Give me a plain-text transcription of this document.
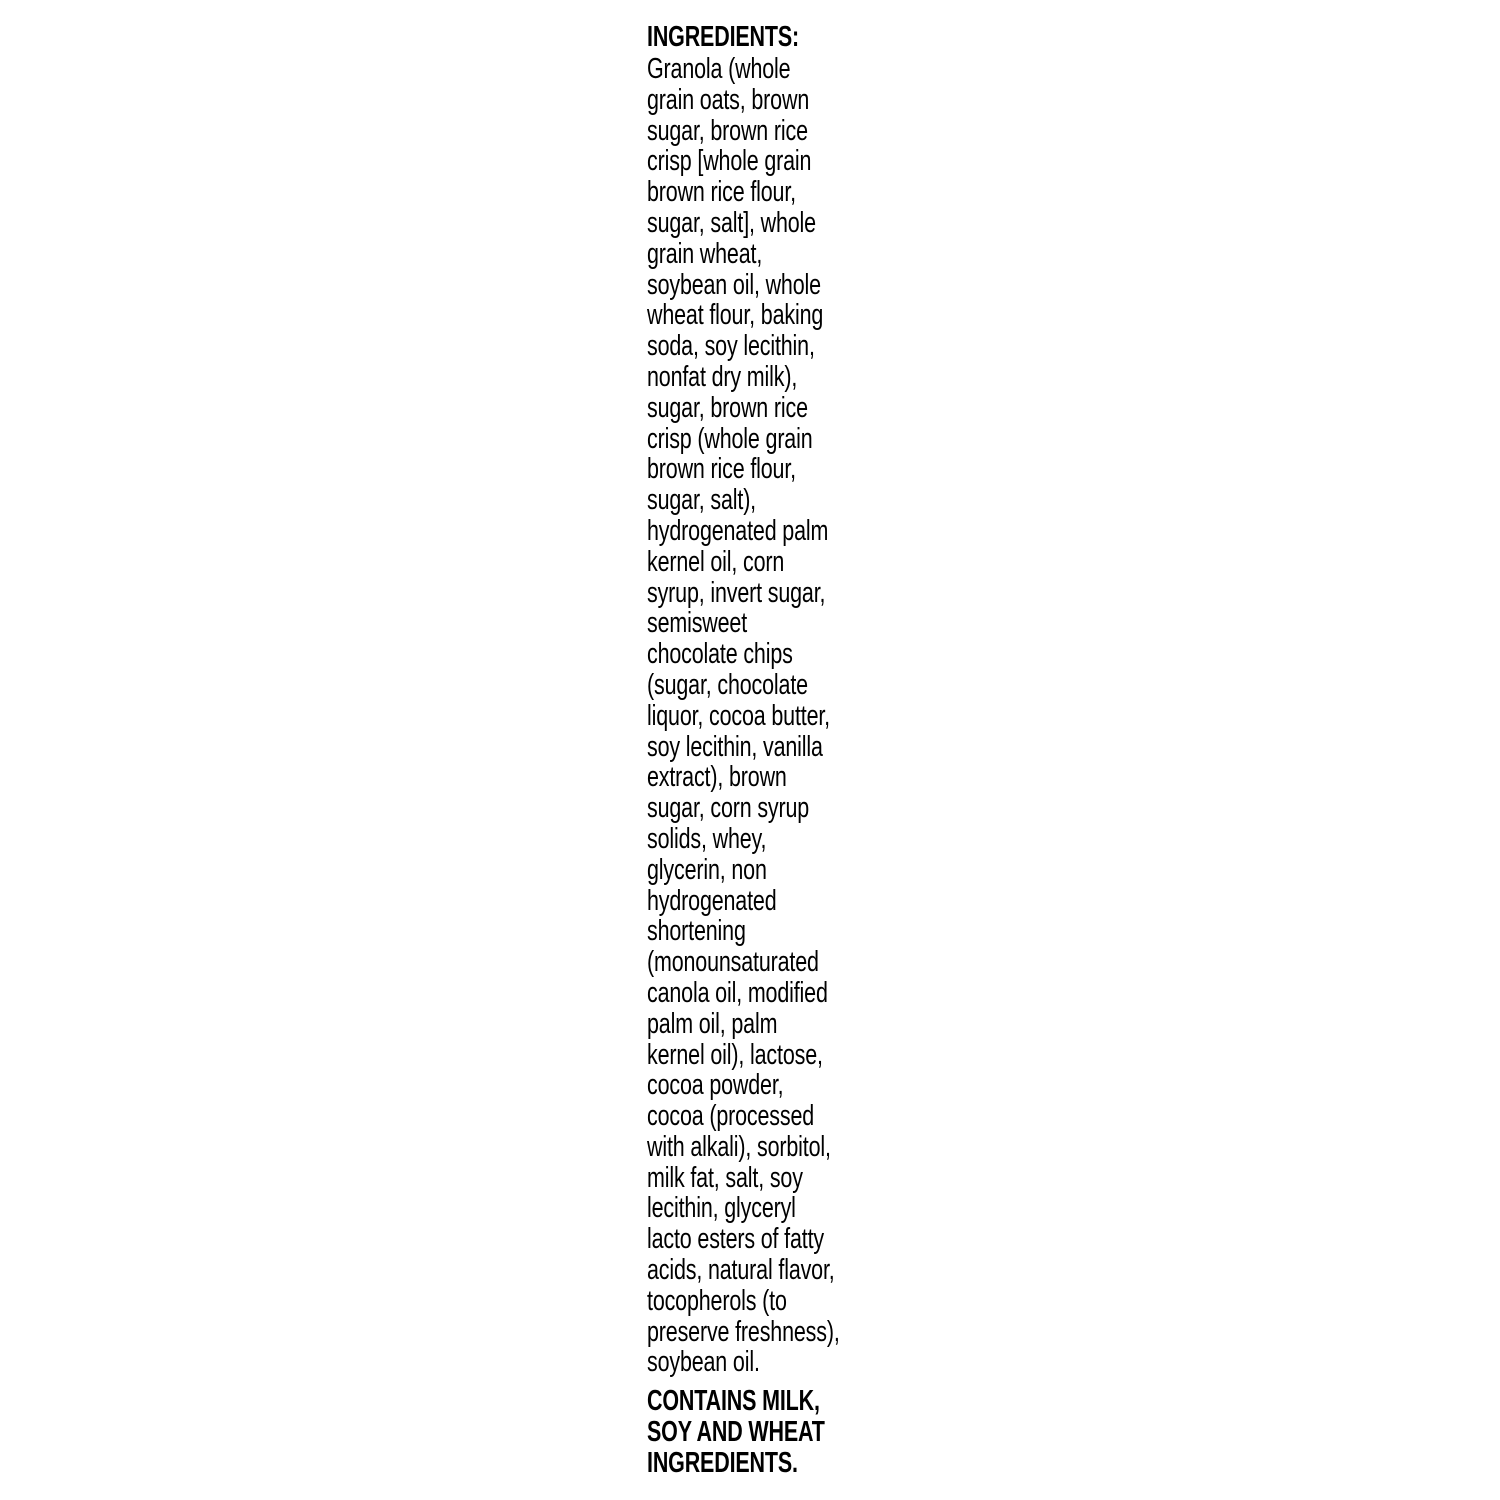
INGREDIENTS:
Granola (whole
grain oats, brown
sugar, brown rice
crisp [whole grain
brown rice flour,
sugar, salt], whole
grain wheat,
soybean oil, whole
wheat flour, baking
soda, soy lecithin,
nonfat dry milk),
sugar, brown rice
crisp (whole grain
brown rice flour,
sugar, salt),
hydrogenated palm
kernel oil, corn
syrup, invert sugar,
semisweet
chocolate chips
(sugar, chocolate
liquor, cocoa butter,
soy lecithin, vanilla
extract), brown
sugar, corn syrup
solids, whey,
glycerin, non
hydrogenated
shortening
(monounsaturated
canola oil, modified
palm oil, palm
kernel oil), lactose,
cocoa powder,
cocoa (processed
with alkali), sorbitol,
milk fat, salt, soy
lecithin, glyceryl
lacto esters of fatty
acids, natural flavor,
tocopherols (to
preserve freshness),
soybean oil.
CONTAINS MILK,
SOY AND WHEAT
INGREDIENTS.
